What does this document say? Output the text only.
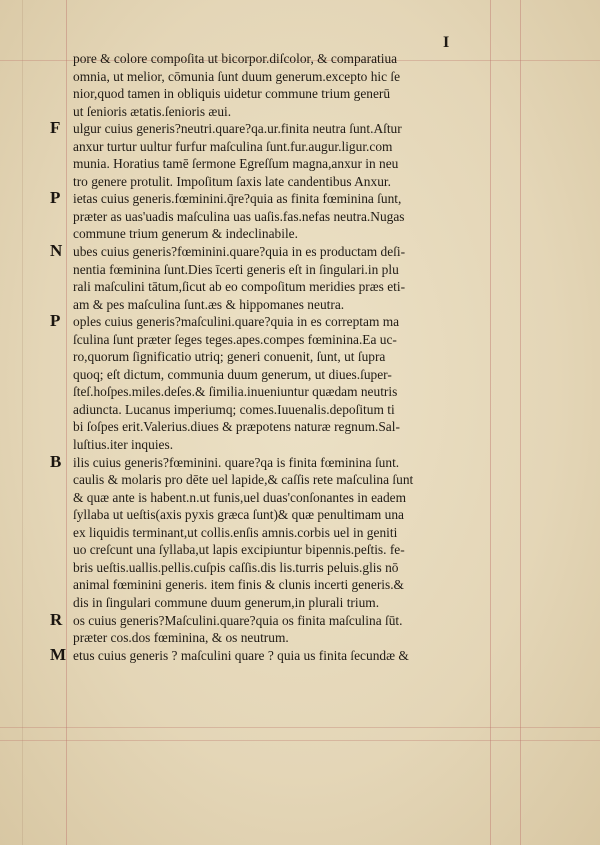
I
pore & colore compoſita ut bicorpor.diſcolor, & comparatiua
omnia, ut melior, cōmunia ſunt duum generum.excepto hic ſe
nior,quod tamen in obliquis uidetur commune trium generū
ut ſenioris ætatis.ſenioris æui.
F ulgur cuius generis?neutri.quare?qa.ur.finita neutra ſunt.Aſtur
anxur turtur uultur furfur maſculina ſunt.fur.augur.ligur.com
munia. Horatius tamē ſermone Egreſſum magna,anxur in neu
tro genere protulit. Impoſitum ſaxis late candentibus Anxur.
P ietas cuius generis.fœminini.q̄re?quia as finita fœminina ſunt,
præter as uas'uadis maſculina uas uaſis.fas.nefas neutra.Nugas
commune trium generum & indeclinabile.
N ubes cuius generis?fœminini.quare?quia in es productam deſi-
nentia fœminina ſunt.Dies īcerti generis eſt in ſingulari.in plu
rali maſculini tātum,ſicut ab eo compoſitum meridies præs eti-
am & pes maſculina ſunt.æs & hippomanes neutra.
P oples cuius generis?maſculini.quare?quia in es correptam ma
ſculina ſunt præter ſeges teges.apes.compes fœminina.Ea uc-
ro,quorum ſignificatio utriq; generi conuenit, ſunt, ut ſupra
quoq; eſt dictum, communia duum generum, ut diues.ſuper-
ſteſ.hoſpes.miles.deſes.& ſimilia.inueniuntur quædam neutris
adiuncta. Lucanus imperiumq; comes.Iuuenalis.depoſitum ti
bi ſoſpes erit.Valerius.diues & præpotens naturæ regnum.Sal-
luſtius.iter inquies.
B ilis cuius generis?fœminini. quare?qa is finita fœminina ſunt.
caulis & molaris pro dēte uel lapide,& caſſis rete maſculina ſunt
& quæ ante is habent.n.ut funis,uel duas'conſonantes in eadem
ſyllaba ut ueſtis(axis pyxis græca ſunt)& quæ penultimam una
ex liquidis terminant,ut collis.enſis amnis.corbis uel in geniti
uo creſcunt una ſyllaba,ut lapis excipiuntur bipennis.peſtis. fe-
bris ueſtis.uallis.pellis.cuſpis caſſis.dis lis.turris peluis.glis nō
animal fœminini generis. item finis & clunis incerti generis.&
dis in ſingulari commune duum generum,in plurali trium.
R os cuius generis?Maſculini.quare?quia os finita maſculina ſūt.
præter cos.dos fœminina, & os neutrum.
M etus cuius generis ? maſculini quare ? quia us finita ſecundæ &
